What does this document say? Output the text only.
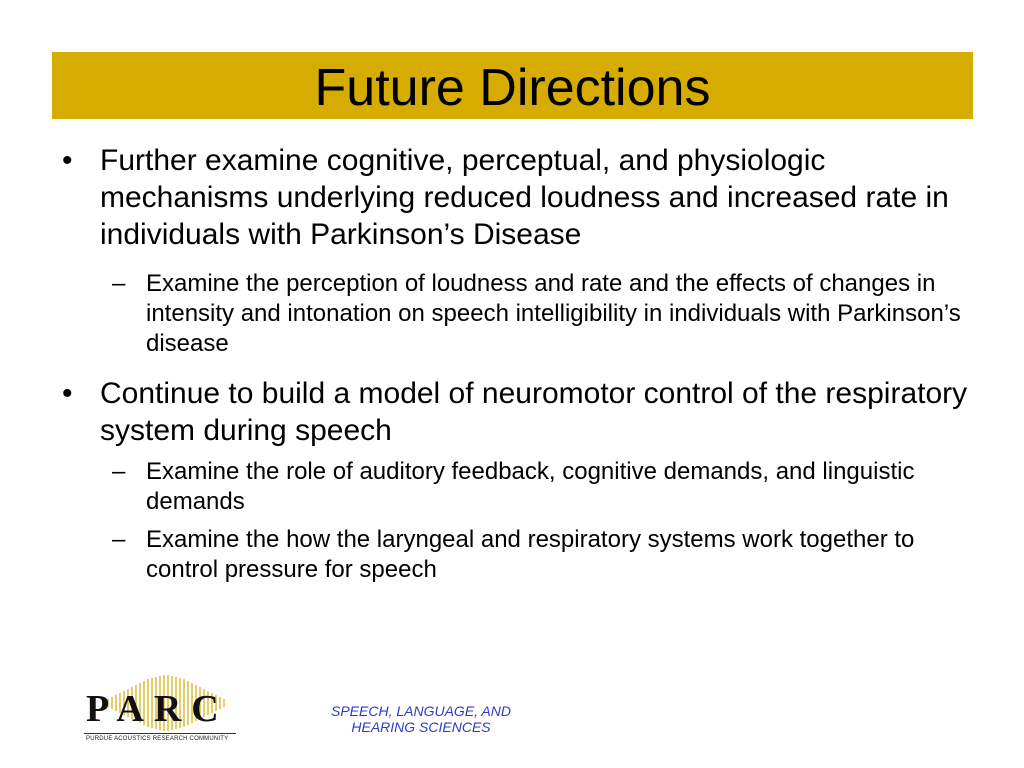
Future Directions
• Further examine cognitive, perceptual, and physiologic mechanisms underlying reduced loudness and increased rate in individuals with Parkinson’s Disease
– Examine the perception of loudness and rate and the effects of changes in intensity and intonation on speech intelligibility in individuals with Parkinson’s disease
• Continue to build a model of neuromotor control of the respiratory system during speech
– Examine the role of auditory feedback, cognitive demands, and linguistic demands
– Examine the how the laryngeal and respiratory systems work together to control pressure for speech
PARC
PURDUE ACOUSTICS RESEARCH COMMUNITY
SPEECH, LANGUAGE, AND
HEARING SCIENCES
